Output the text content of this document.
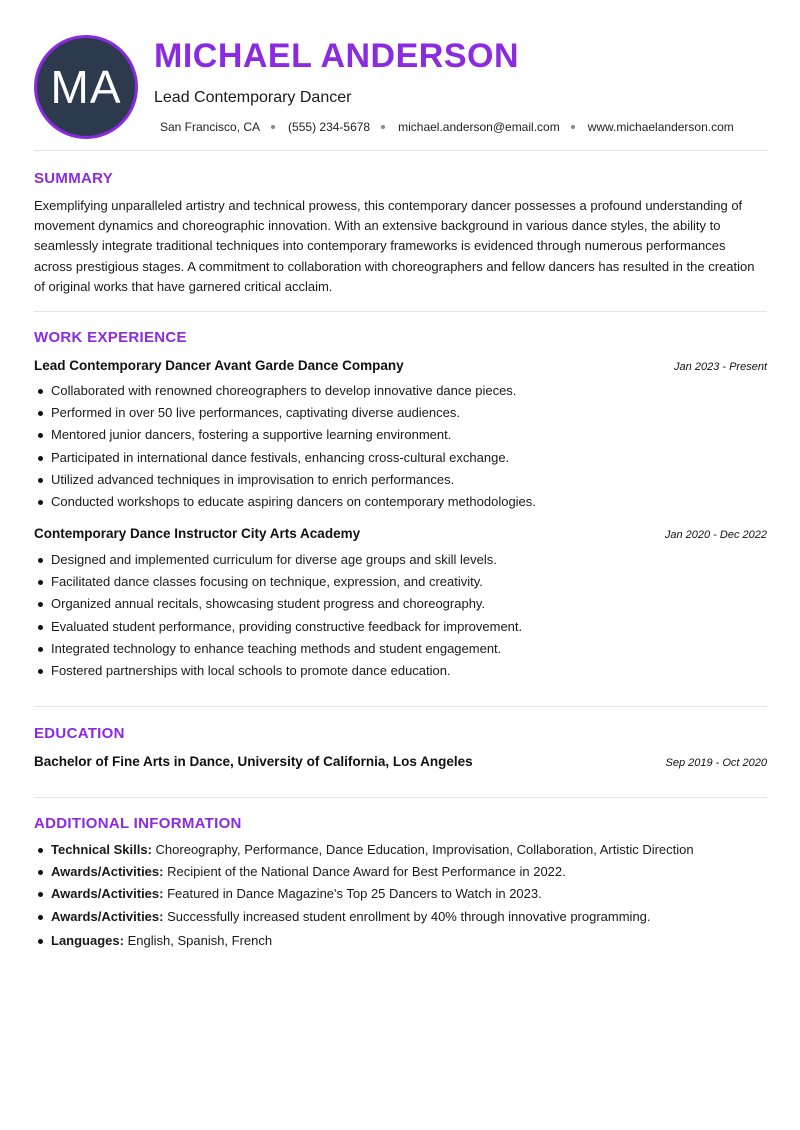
MA
MICHAEL ANDERSON
Lead Contemporary Dancer
San Francisco, CA (555) 234-5678 michael.anderson@email.com www.michaelanderson.com
SUMMARY

Exemplifying unparalleled artistry and technical prowess, this contemporary dancer possesses a profound understanding of movement dynamics and choreographic innovation. With an extensive background in various dance styles, the ability to seamlessly integrate traditional techniques into contemporary frameworks is evidenced through numerous performances across prestigious stages. A commitment to collaboration with choreographers and fellow dancers has resulted in the creation of original works that have garnered critical acclaim.

WORK EXPERIENCE
Lead Contemporary Dancer Avant Garde Dance Company	Jan 2023 - Present
Collaborated with renowned choreographers to develop innovative dance pieces.
Performed in over 50 live performances, captivating diverse audiences.
Mentored junior dancers, fostering a supportive learning environment.
Participated in international dance festivals, enhancing cross-cultural exchange.
Utilized advanced techniques in improvisation to enrich performances.
Conducted workshops to educate aspiring dancers on contemporary methodologies.
Contemporary Dance Instructor City Arts Academy	Jan 2020 - Dec 2022
Designed and implemented curriculum for diverse age groups and skill levels.
Facilitated dance classes focusing on technique, expression, and creativity.
Organized annual recitals, showcasing student progress and choreography.
Evaluated student performance, providing constructive feedback for improvement.
Integrated technology to enhance teaching methods and student engagement.
Fostered partnerships with local schools to promote dance education.
EDUCATION
Bachelor of Fine Arts in Dance, University of California, Los Angeles	Sep 2019 - Oct 2020
ADDITIONAL INFORMATION
Technical Skills: Choreography, Performance, Dance Education, Improvisation, Collaboration, Artistic Direction
Awards/Activities: Recipient of the National Dance Award for Best Performance in 2022.
Awards/Activities: Featured in Dance Magazine's Top 25 Dancers to Watch in 2023.
Awards/Activities: Successfully increased student enrollment by 40% through innovative programming.
Languages: English, Spanish, French
